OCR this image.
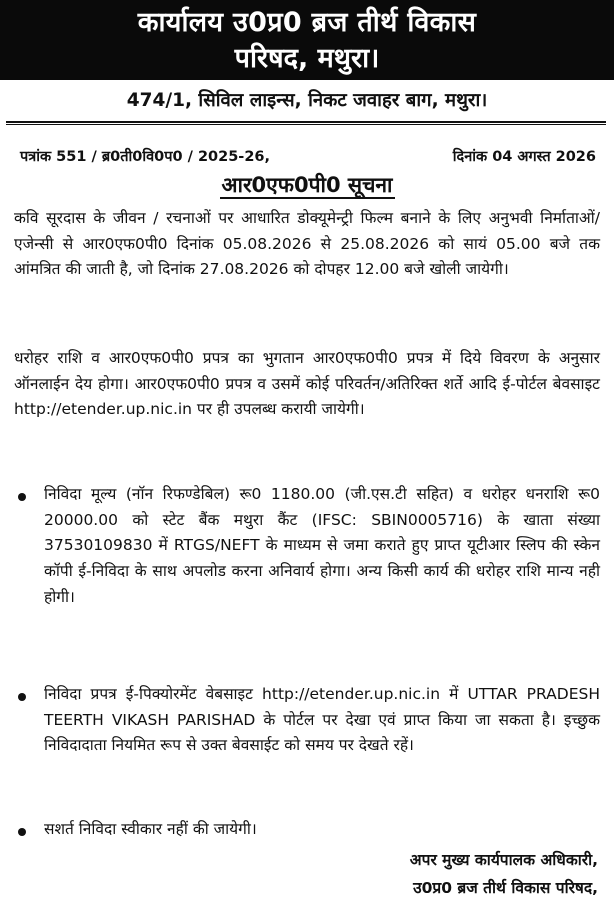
कार्यालय उ0प्र0 ब्रज तीर्थ विकास
परिषद, मथुरा।
474/1, सिविल लाइन्स, निकट जवाहर बाग, मथुरा।
पत्रांक 551 / ब्र0ती0वि0प0 / 2025-26,	दिनांक 04 अगस्त 2026
आर0एफ0पी0 सूचना
कवि सूरदास के जीवन / रचनाओं पर आधारित डोक्यूमेन्ट्री फिल्म बनाने के लिए अनुभवी निर्माताओं/ एजेन्सी से आर0एफ0पी0 दिनांक 05.08.2026 से 25.08.2026 को सायं 05.00 बजे तक आंमत्रित की जाती है, जो दिनांक 27.08.2026 को दोपहर 12.00 बजे खोली जायेगी।
धरोहर राशि व आर0एफ0पी0 प्रपत्र का भुगतान आर0एफ0पी0 प्रपत्र में दिये विवरण के अनुसार ऑनलाईन देय होगा। आर0एफ0पी0 प्रपत्र व उसमें कोई परिवर्तन/अतिरिक्त शर्ते आदि ई-पोर्टल बेवसाइट http://etender.up.nic.in पर ही उपलब्ध करायी जायेगी।
निविदा मूल्य (नॉन रिफण्डेबिल) रू0 1180.00 (जी.एस.टी सहित) व धरोहर धनराशि रू0 20000.00 को स्टेट बैंक मथुरा कैंट (IFSC: SBIN0005716) के खाता संख्या 37530109830 में RTGS/NEFT के माध्यम से जमा कराते हुए प्राप्त यूटीआर स्लिप की स्केन कॉपी ई-निविदा के साथ अपलोड करना अनिवार्य होगा। अन्य किसी कार्य की धरोहर राशि मान्य नही होगी।
निविदा प्रपत्र ई-पिक्योरमेंट वेबसाइट http://etender.up.nic.in में UTTAR PRADESH TEERTH VIKASH PARISHAD के पोर्टल पर देखा एवं प्राप्त किया जा सकता है। इच्छुक निविदादाता नियमित रूप से उक्त बेवसाईट को समय पर देखते रहें।
सशर्त निविदा स्वीकार नहीं की जायेगी।
अपर मुख्य कार्यपालक अधिकारी,
उ0प्र0 ब्रज तीर्थ विकास परिषद,
